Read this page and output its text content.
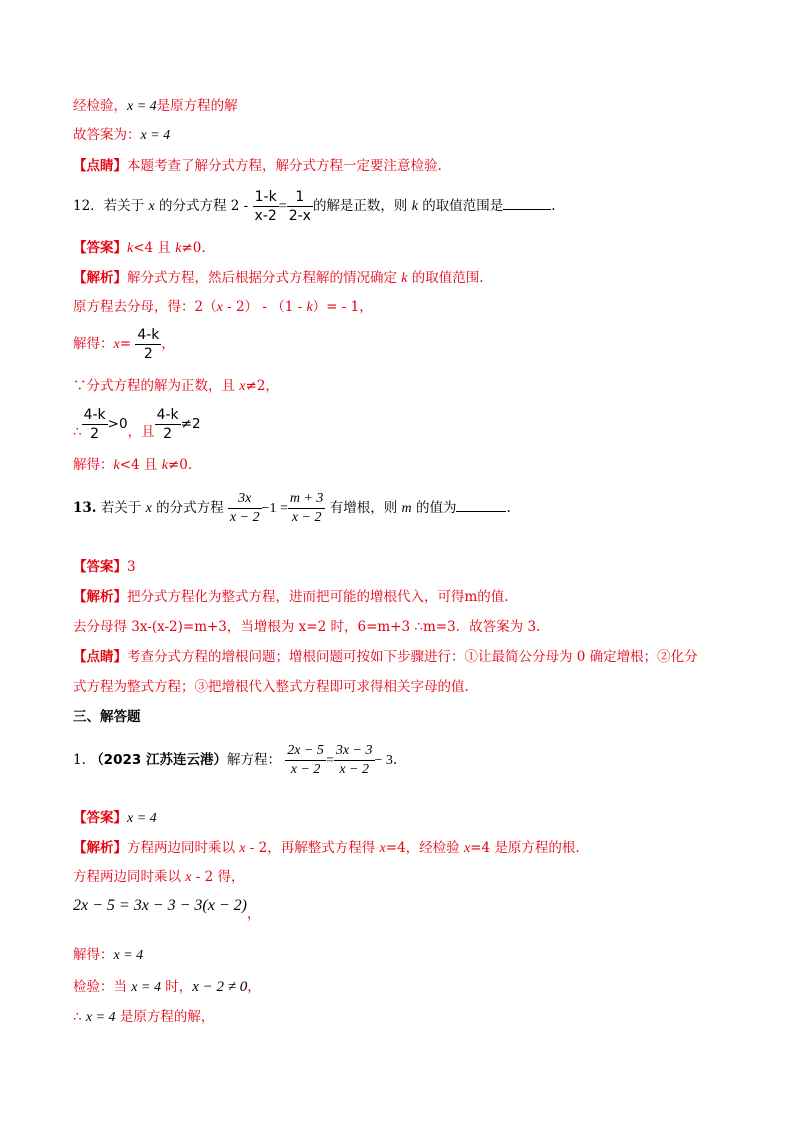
经检验，x = 4是原方程的解
故答案为：x = 4
【点睛】本题考查了解分式方程，解分式方程一定要注意检验.
12．若关于 x 的分式方程 $2 - \frac{1-k}{x-2} = \frac{1}{2-x}$ 的解是正数，则 k 的取值范围是	.
【答案】k<4 且 k≠0.
【解析】解分式方程，然后根据分式方程解的情况确定 k 的取值范围.
原方程去分母，得：2（x - 2） - （1 - k）= - 1，
解得：$x= \frac{4-k}{2}$ ，
∵分式方程的解为正数，且 x≠2，
∴ $\frac{4-k}{2} >0$，且 $\frac{4-k}{2} \ne 2$
解得：k<4 且 k≠0.
13. 若关于 x 的分式方程 $\frac{3x}{x - 2} -1 = \frac{m + 3}{x - 2}$ 有增根，则 m 的值为	.
【答案】3
【解析】把分式方程化为整式方程，进而把可能的增根代入，可得m的值.
去分母得 3x-(x-2)=m+3，当增根为 x=2 时，6=m+3 ∴m=3．故答案为 3.
【点睛】考查分式方程的增根问题；增根问题可按如下步骤进行：①让最简公分母为 0 确定增根；②化分
式方程为整式方程；③把增根代入整式方程即可求得相关字母的值.
三、解答题
1. （2023 江苏连云港）解方程： $\frac{2x - 5}{x - 2} = \frac{3x - 3}{x - 2} - 3$.
【答案】x = 4
【解析】方程两边同时乘以 x - 2，再解整式方程得 x=4，经检验 x=4 是原方程的根.
方程两边同时乘以 x - 2 得，
2x − 5 = 3x − 3 − 3(x − 2)，
解得：x = 4
检验：当 x = 4 时，x − 2 ≠ 0，
∴ x = 4 是原方程的解，
